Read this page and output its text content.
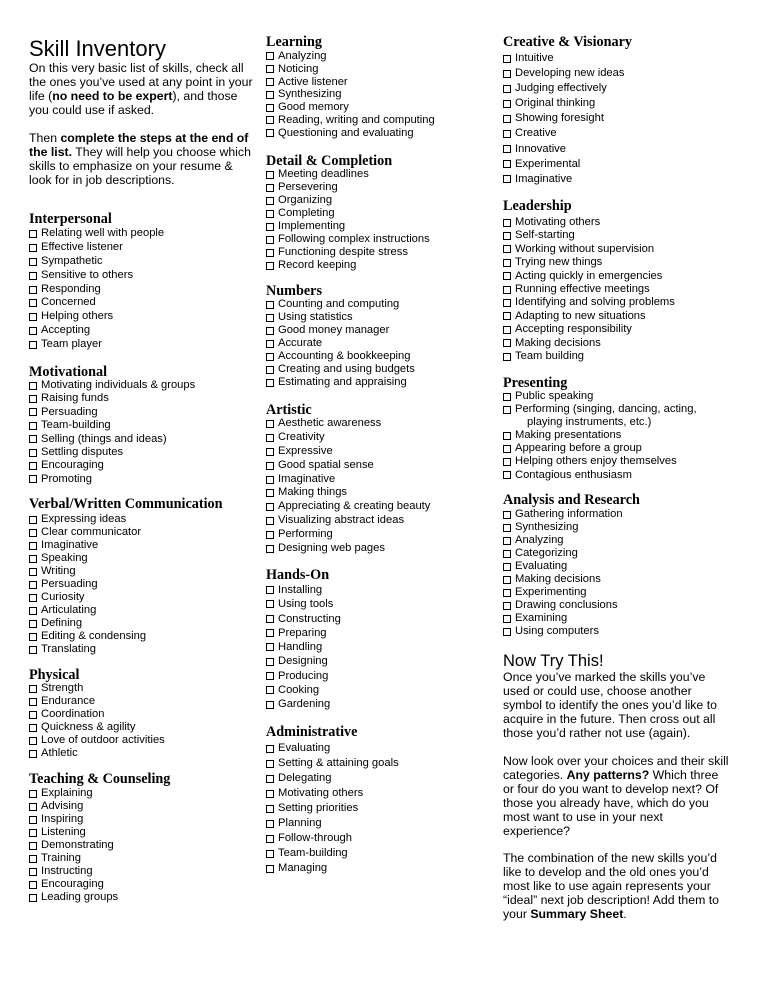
Skill Inventory

On this very basic list of skills, check all the ones you’ve used at any point in your life (no need to be expert), and those you could use if asked.

Then complete the steps at the end of the list. They will help you choose which skills to emphasize on your resume & look for in job descriptions.

Interpersonal
Relating well with people
Effective listener
Sympathetic
Sensitive to others
Responding
Concerned
Helping others
Accepting
Team player
Motivational
Motivating individuals & groups
Raising funds
Persuading
Team-building
Selling (things and ideas)
Settling disputes
Encouraging
Promoting
Verbal/Written Communication
Expressing ideas
Clear communicator
Imaginative
Speaking
Writing
Persuading
Curiosity
Articulating
Defining
Editing & condensing
Translating
Physical
Strength
Endurance
Coordination
Quickness & agility
Love of outdoor activities
Athletic
Teaching & Counseling
Explaining
Advising
Inspiring
Listening
Demonstrating
Training
Instructing
Encouraging
Leading groups
Learning
Analyzing
Noticing
Active listener
Synthesizing
Good memory
Reading, writing and computing
Questioning and evaluating
Detail & Completion
Meeting deadlines
Persevering
Organizing
Completing
Implementing
Following complex instructions
Functioning despite stress
Record keeping
Numbers
Counting and computing
Using statistics
Good money manager
Accurate
Accounting & bookkeeping
Creating and using budgets
Estimating and appraising
Artistic
Aesthetic awareness
Creativity
Expressive
Good spatial sense
Imaginative
Making things
Appreciating & creating beauty
Visualizing abstract ideas
Performing
Designing web pages
Hands-On
Installing
Using tools
Constructing
Preparing
Handling
Designing
Producing
Cooking
Gardening
Administrative
Evaluating
Setting & attaining goals
Delegating
Motivating others
Setting priorities
Planning
Follow-through
Team-building
Managing
Creative & Visionary
Intuitive
Developing new ideas
Judging effectively
Original thinking
Showing foresight
Creative
Innovative
Experimental
Imaginative
Leadership
Motivating others
Self-starting
Working without supervision
Trying new things
Acting quickly in emergencies
Running effective meetings
Identifying and solving problems
Adapting to new situations
Accepting responsibility
Making decisions
Team building
Presenting
Public speaking
Performing (singing, dancing, acting,
playing instruments, etc.)
Making presentations
Appearing before a group
Helping others enjoy themselves
Contagious enthusiasm
Analysis and Research
Gathering information
Synthesizing
Analyzing
Categorizing
Evaluating
Making decisions
Experimenting
Drawing conclusions
Examining
Using computers
Now Try This!

Once you’ve marked the skills you’ve used or could use, choose another symbol to identify the ones you’d like to acquire in the future. Then cross out all those you’d rather not use (again).

Now look over your choices and their skill categories. Any patterns? Which three or four do you want to develop next? Of those you already have, which do you most want to use in your next experience?

The combination of the new skills you’d like to develop and the old ones you’d most like to use again represents your “ideal” next job description! Add them to your Summary Sheet.
